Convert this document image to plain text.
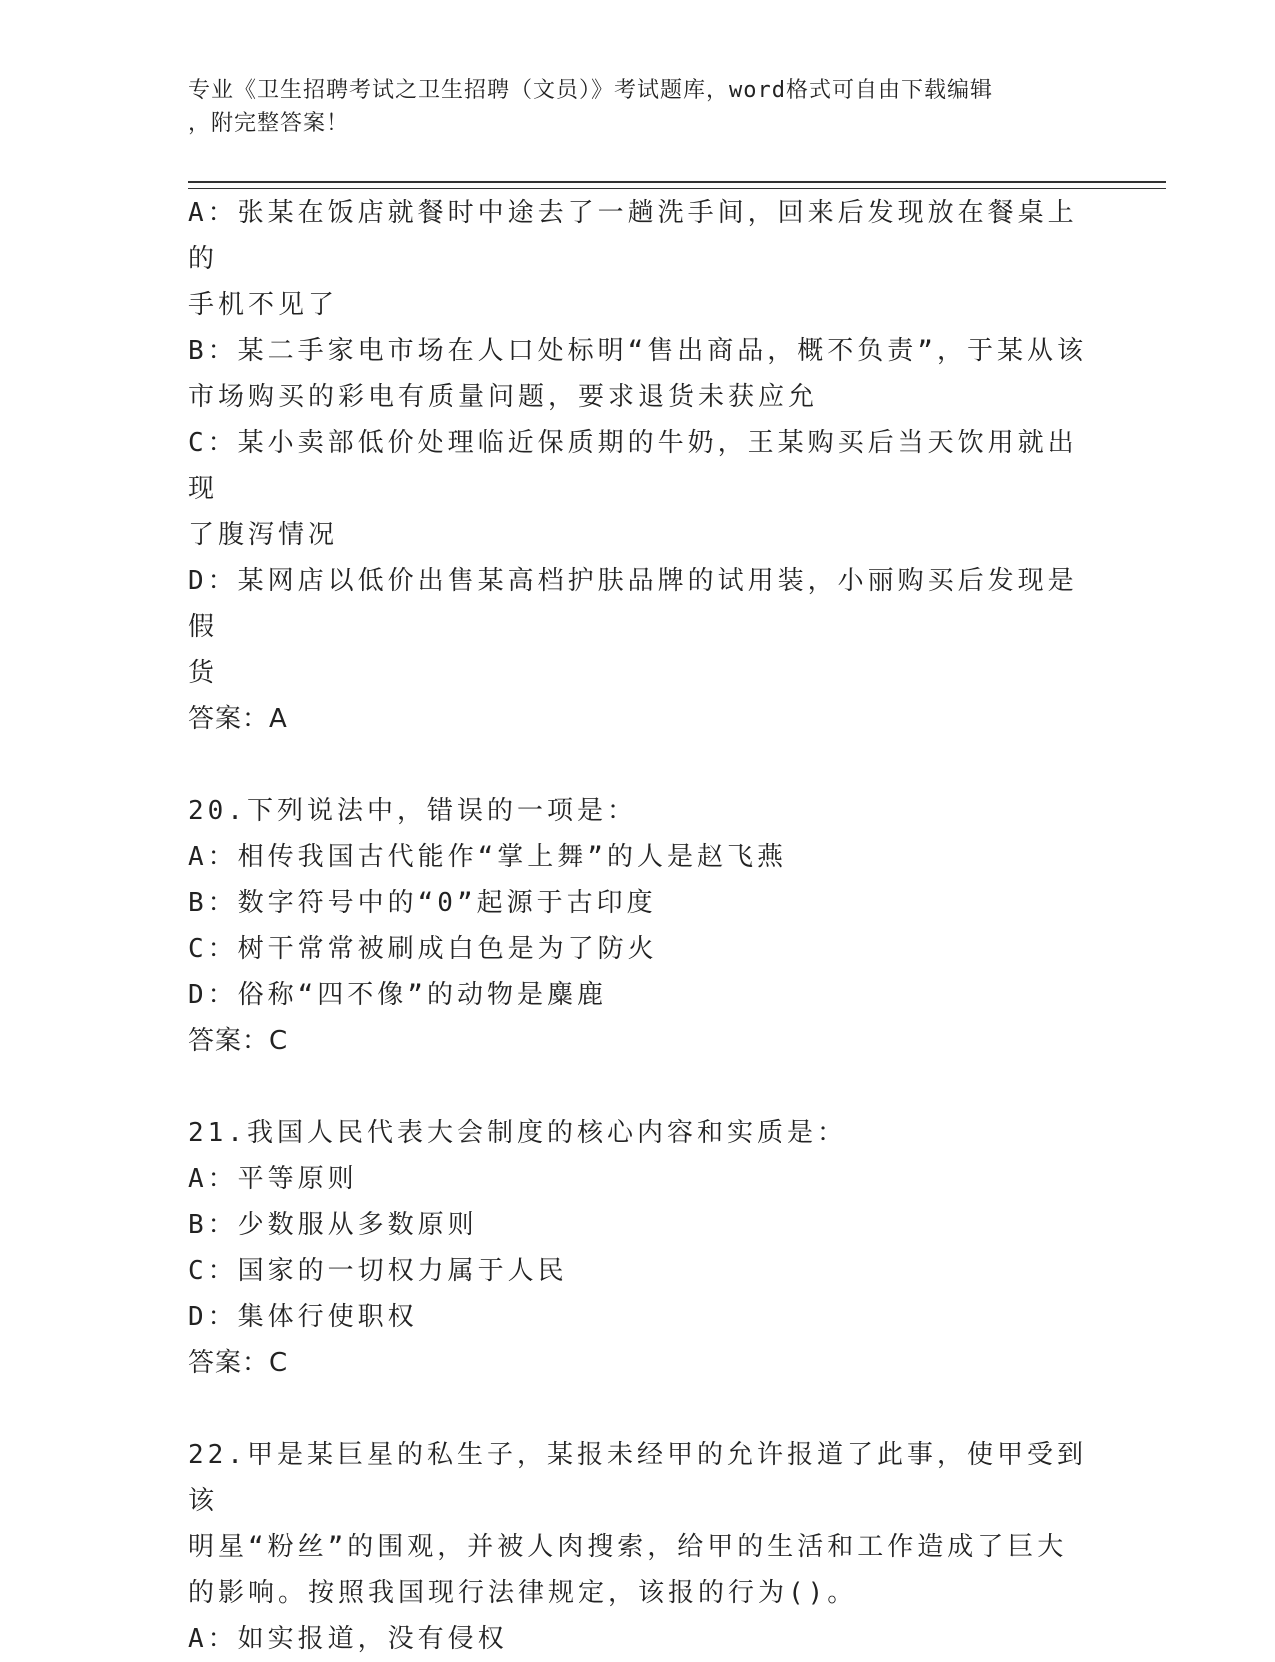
专业《卫生招聘考试之卫生招聘（文员）》考试题库，word格式可自由下载编辑
，附完整答案！
A：张某在饭店就餐时中途去了一趟洗手间，回来后发现放在餐桌上的
手机不见了
B：某二手家电市场在人口处标明“售出商品，概不负责”，于某从该
市场购买的彩电有质量问题，要求退货未获应允
C：某小卖部低价处理临近保质期的牛奶，王某购买后当天饮用就出现
了腹泻情况
D：某网店以低价出售某高档护肤品牌的试用装，小丽购买后发现是假
货
答案：A
20.下列说法中，错误的一项是：
A：相传我国古代能作“掌上舞”的人是赵飞燕
B：数字符号中的“0”起源于古印度
C：树干常常被刷成白色是为了防火
D：俗称“四不像”的动物是麋鹿
答案：C
21.我国人民代表大会制度的核心内容和实质是：
A：平等原则
B：少数服从多数原则
C：国家的一切权力属于人民
D：集体行使职权
答案：C
22.甲是某巨星的私生子，某报未经甲的允许报道了此事，使甲受到该
明星“粉丝”的围观，并被人肉搜索，给甲的生活和工作造成了巨大
的影响。按照我国现行法律规定，该报的行为()。
A：如实报道，没有侵权
